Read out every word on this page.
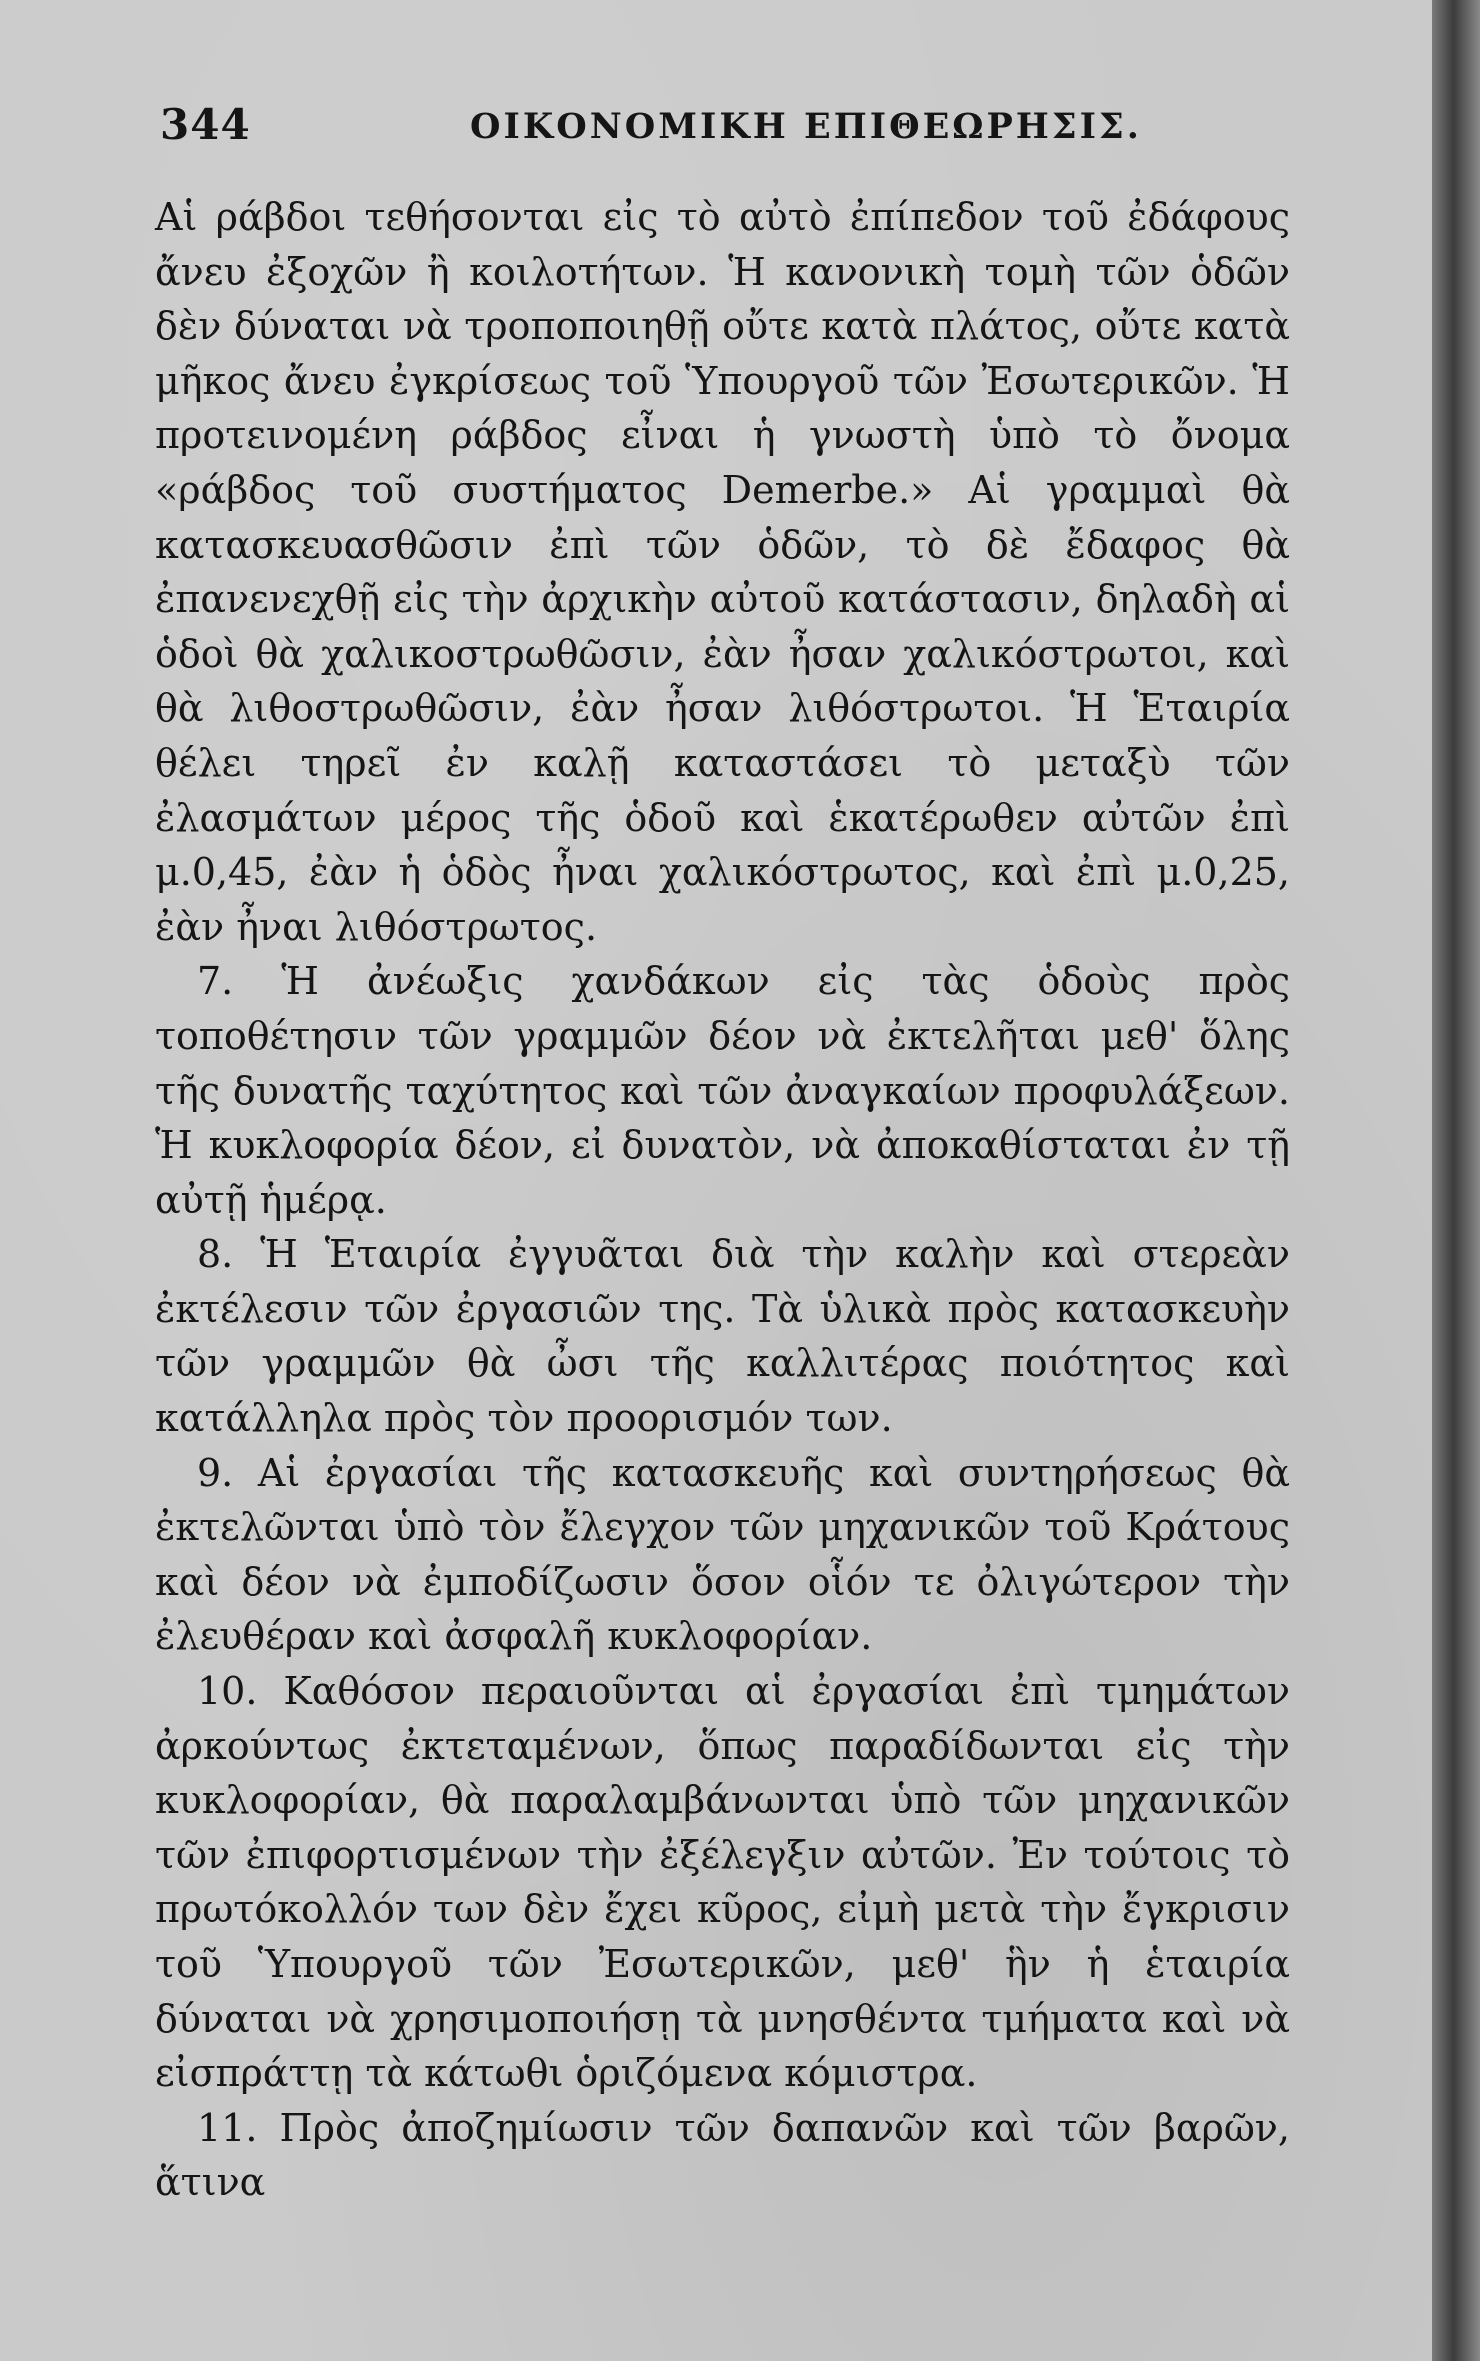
344	ΟΙΚΟΝΟΜΙΚΗ ΕΠΙΘΕΩΡΗΣΙΣ.

Αἱ ράβδοι τεθήσονται εἰς τὸ αὐτὸ ἐπίπεδον τοῦ ἐδάφους ἄνευ ἐξοχῶν ἢ κοιλοτήτων. Ἡ κανονικὴ τομὴ τῶν ὁδῶν δὲν δύναται νὰ τροποποιηθῇ οὔτε κατὰ πλάτος, οὔτε κατὰ μῆκος ἄνευ ἐγκρίσεως τοῦ Ὑπουργοῦ τῶν Ἐσωτερικῶν. Ἡ προτεινομένη ράβδος εἶναι ἡ γνωστὴ ὑπὸ τὸ ὄνομα «ράβδος τοῦ συστήματος Demerbe.» Αἱ γραμμαὶ θὰ κατασκευασθῶσιν ἐπὶ τῶν ὁδῶν, τὸ δὲ ἔδαφος θὰ ἐπανενεχθῇ εἰς τὴν ἀρχικὴν αὐτοῦ κατάστασιν, δηλαδὴ αἱ ὁδοὶ θὰ χαλικοστρωθῶσιν, ἐὰν ἦσαν χαλικόστρωτοι, καὶ θὰ λιθοστρωθῶσιν, ἐὰν ἦσαν λιθόστρωτοι. Ἡ Ἑταιρία θέλει τηρεῖ ἐν καλῇ καταστάσει τὸ μεταξὺ τῶν ἐλασμάτων μέρος τῆς ὁδοῦ καὶ ἑκατέρωθεν αὐτῶν ἐπὶ μ.0,45, ἐὰν ἡ ὁδὸς ἦναι χαλικόστρωτος, καὶ ἐπὶ μ.0,25, ἐὰν ἦναι λιθόστρωτος.

7. Ἡ ἀνέωξις χανδάκων εἰς τὰς ὁδοὺς πρὸς τοποθέτησιν τῶν γραμμῶν δέον νὰ ἐκτελῆται μεθ' ὅλης τῆς δυνατῆς ταχύτητος καὶ τῶν ἀναγκαίων προφυλάξεων. Ἡ κυκλοφορία δέον, εἰ δυνατὸν, νὰ ἀποκαθίσταται ἐν τῇ αὐτῇ ἡμέρᾳ.

8. Ἡ Ἑταιρία ἐγγυᾶται διὰ τὴν καλὴν καὶ στερεὰν ἐκτέλεσιν τῶν ἐργασιῶν της. Τὰ ὑλικὰ πρὸς κατασκευὴν τῶν γραμμῶν θὰ ὦσι τῆς καλλιτέρας ποιότητος καὶ κατάλληλα πρὸς τὸν προορισμόν των.

9. Αἱ ἐργασίαι τῆς κατασκευῆς καὶ συντηρήσεως θὰ ἐκτελῶνται ὑπὸ τὸν ἔλεγχον τῶν μηχανικῶν τοῦ Κράτους καὶ δέον νὰ ἐμποδίζωσιν ὅσον οἷόν τε ὀλιγώτερον τὴν ἐλευθέραν καὶ ἀσφαλῆ κυκλοφορίαν.

10. Καθόσον περαιοῦνται αἱ ἐργασίαι ἐπὶ τμημάτων ἀρκούντως ἐκτεταμένων, ὅπως παραδίδωνται εἰς τὴν κυκλοφορίαν, θὰ παραλαμβάνωνται ὑπὸ τῶν μηχανικῶν τῶν ἐπιφορτισμένων τὴν ἐξέλεγξιν αὐτῶν. Ἐν τούτοις τὸ πρωτόκολλόν των δὲν ἔχει κῦρος, εἰμὴ μετὰ τὴν ἔγκρισιν τοῦ Ὑπουργοῦ τῶν Ἐσωτερικῶν, μεθ' ἣν ἡ ἑταιρία δύναται νὰ χρησιμοποιήσῃ τὰ μνησθέντα τμήματα καὶ νὰ εἰσπράττῃ τὰ κάτωθι ὁριζόμενα κόμιστρα.

11. Πρὸς ἀποζημίωσιν τῶν δαπανῶν καὶ τῶν βαρῶν, ἅτινα
